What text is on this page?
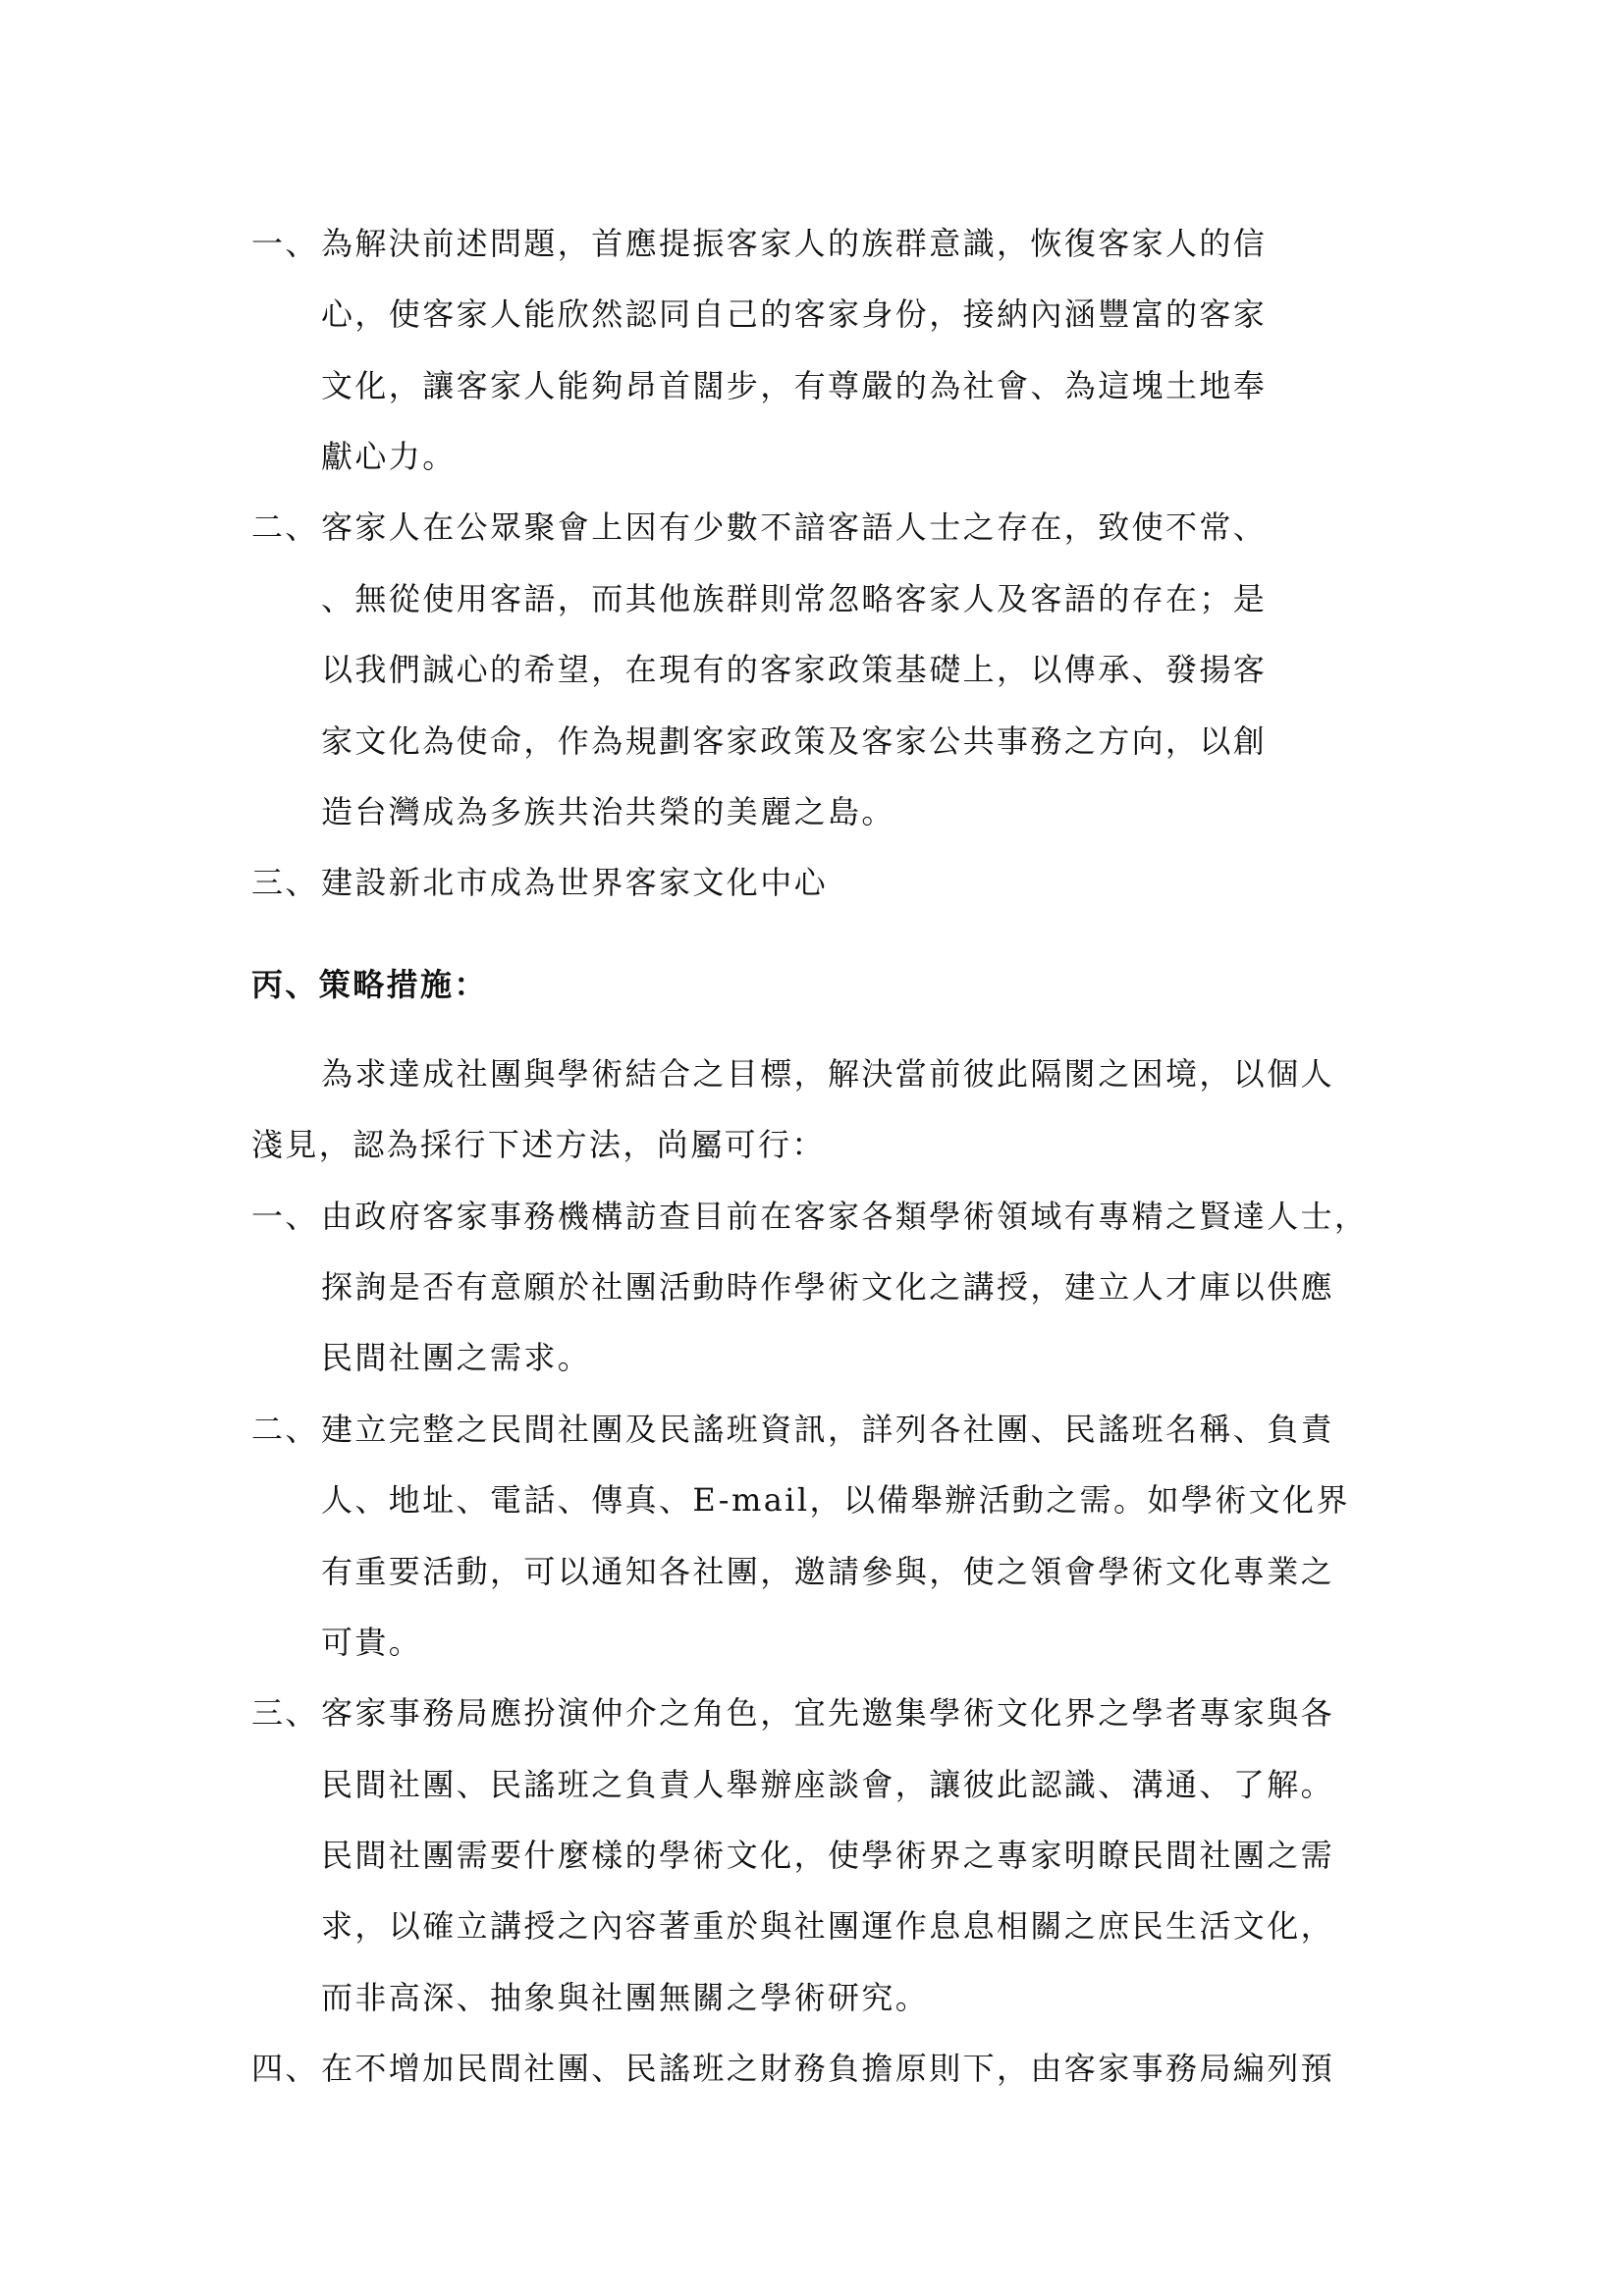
一、 為解決前述問題，首應提振客家人的族群意識，恢復客家人的信
心，使客家人能欣然認同自己的客家身份，接納內涵豐富的客家
文化，讓客家人能夠昂首闊步，有尊嚴的為社會、為這塊土地奉
獻心力。
二、 客家人在公眾聚會上因有少數不諳客語人士之存在，致使不常、
、無從使用客語，而其他族群則常忽略客家人及客語的存在；是
以我們誠心的希望，在現有的客家政策基礎上，以傳承、發揚客
家文化為使命，作為規劃客家政策及客家公共事務之方向，以創
造台灣成為多族共治共榮的美麗之島。
三、 建設新北市成為世界客家文化中心
丙、策略措施：
為求達成社團與學術結合之目標，解決當前彼此隔閡之困境，以個人
淺見，認為採行下述方法，尚屬可行：
一、 由政府客家事務機構訪查目前在客家各類學術領域有專精之賢達人士，
探詢是否有意願於社團活動時作學術文化之講授，建立人才庫以供應
民間社團之需求。
二、 建立完整之民間社團及民謠班資訊，詳列各社團、民謠班名稱、負責
人、地址、電話、傳真、E-mail，以備舉辦活動之需。如學術文化界
有重要活動，可以通知各社團，邀請參與，使之領會學術文化專業之
可貴。
三、 客家事務局應扮演仲介之角色，宜先邀集學術文化界之學者專家與各
民間社團、民謠班之負責人舉辦座談會，讓彼此認識、溝通、了解。
民間社團需要什麼樣的學術文化，使學術界之專家明瞭民間社團之需
求，以確立講授之內容著重於與社團運作息息相關之庶民生活文化，
而非高深、抽象與社團無關之學術研究。
四、 在不增加民間社團、民謠班之財務負擔原則下，由客家事務局編列預
